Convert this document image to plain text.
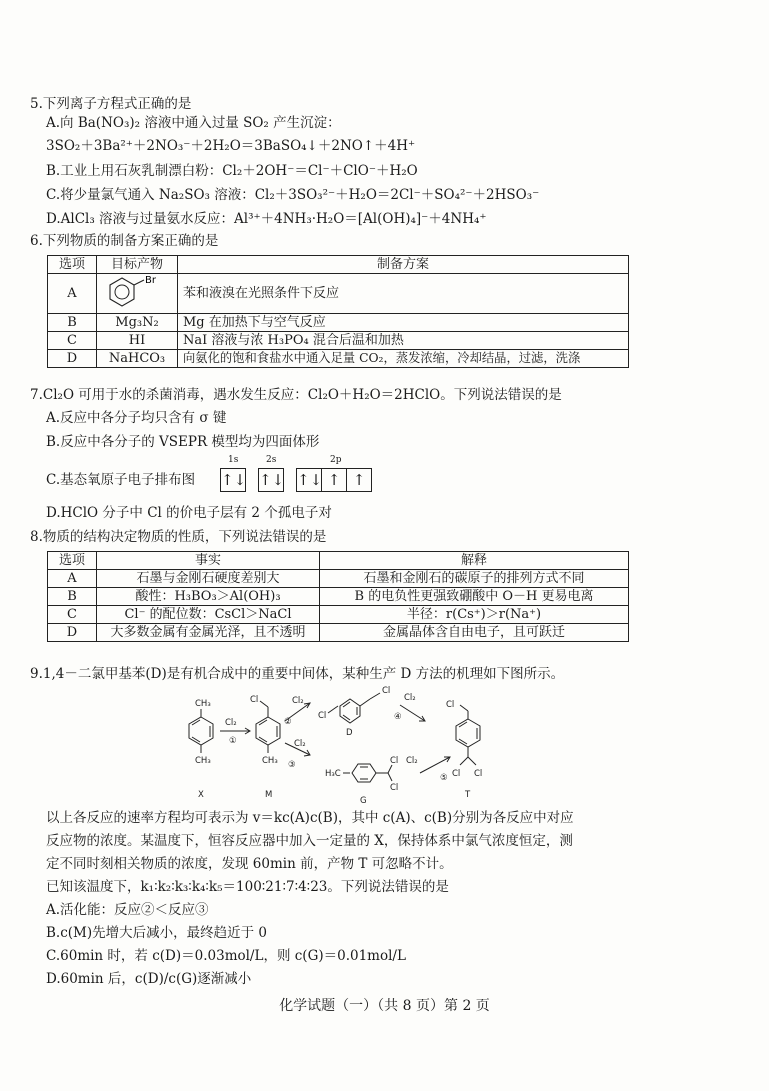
5.下列离子方程式正确的是
A.向 Ba(NO₃)₂ 溶液中通入过量 SO₂ 产生沉淀：
3SO₂＋3Ba²⁺＋2NO₃⁻＋2H₂O＝3BaSO₄↓＋2NO↑＋4H⁺
B.工业上用石灰乳制漂白粉：Cl₂＋2OH⁻＝Cl⁻＋ClO⁻＋H₂O
C.将少量氯气通入 Na₂SO₃ 溶液：Cl₂＋3SO₃²⁻＋H₂O＝2Cl⁻＋SO₄²⁻＋2HSO₃⁻
D.AlCl₃ 溶液与过量氨水反应：Al³⁺＋4NH₃·H₂O＝[Al(OH)₄]⁻＋4NH₄⁺
6.下列物质的制备方案正确的是
选项	目标产物	制备方案
A	Br	苯和液溴在光照条件下反应
B	Mg₃N₂	Mg 在加热下与空气反应
C	HI	NaI 溶液与浓 H₃PO₄ 混合后温和加热
D	NaHCO₃	向氨化的饱和食盐水中通入足量 CO₂，蒸发浓缩，冷却结晶，过滤，洗涤
7.Cl₂O 可用于水的杀菌消毒，遇水发生反应：Cl₂O＋H₂O＝2HClO。下列说法错误的是
A.反应中各分子均只含有 σ 键
B.反应中各分子的 VSEPR 模型均为四面体形
C.基态氧原子电子排布图
1s	2s	2p
↑↓ ↑↓ ↑↓ ↑ ↑
D.HClO 分子中 Cl 的价电子层有 2 个孤电子对
8.物质的结构决定物质的性质，下列说法错误的是
选项	事实	解释
A	石墨与金刚石硬度差别大	石墨和金刚石的碳原子的排列方式不同
B	酸性：H₃BO₃＞Al(OH)₃	B 的电负性更强致硼酸中 O－H 更易电离
C	Cl⁻ 的配位数：CsCl＞NaCl	半径：r(Cs⁺)＞r(Na⁺)
D	大多数金属有金属光泽，且不透明	金属晶体含自由电子，且可跃迁
9.1,4－二氯甲基苯(D)是有机合成中的重要中间体，某种生产 D 方法的机理如下图所示。
CH₃
CH₃
X
Cl₂
①
Cl
CH₃
M
Cl₂
②
Cl₂
③
Cl
Cl
D
Cl₂
④
H₃C
Cl
Cl
G
Cl₂
⑤
Cl
Cl Cl
T
以上各反应的速率方程均可表示为 v＝kc(A)c(B)，其中 c(A)、c(B)分别为各反应中对应
反应物的浓度。某温度下，恒容反应器中加入一定量的 X，保持体系中氯气浓度恒定，测
定不同时刻相关物质的浓度，发现 60min 前，产物 T 可忽略不计。
已知该温度下，k₁∶k₂∶k₃∶k₄∶k₅＝100∶21∶7∶4∶23。下列说法错误的是
A.活化能：反应②＜反应③
B.c(M)先增大后减小，最终趋近于 0
C.60min 时，若 c(D)＝0.03mol/L，则 c(G)＝0.01mol/L
D.60min 后，c(D)/c(G)逐渐减小
化学试题（一）（共 8 页）第 2 页
